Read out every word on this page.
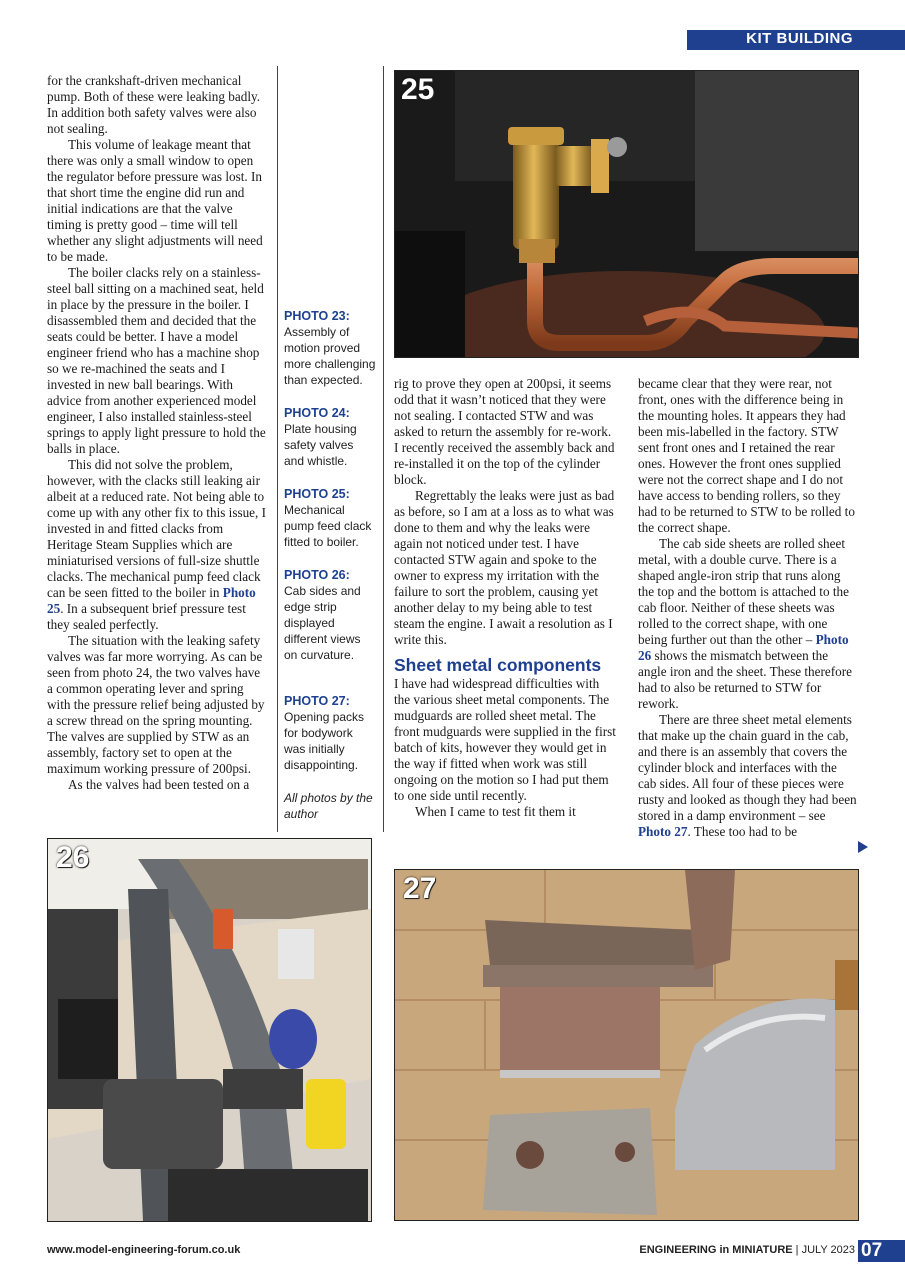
KIT BUILDING

for the crankshaft-driven mechanical pump. Both of these were leaking badly. In addition both safety valves were also not sealing.

This volume of leakage meant that there was only a small window to open the regulator before pressure was lost. In that short time the engine did run and initial indications are that the valve timing is pretty good – time will tell whether any slight adjustments will need to be made.

The boiler clacks rely on a stainless-steel ball sitting on a machined seat, held in place by the pressure in the boiler. I disassembled them and decided that the seats could be better. I have a model engineer friend who has a machine shop so we re-machined the seats and I invested in new ball bearings. With advice from another experienced model engineer, I also installed stainless-steel springs to apply light pressure to hold the balls in place.

This did not solve the problem, however, with the clacks still leaking air albeit at a reduced rate. Not being able to come up with any other fix to this issue, I invested in and fitted clacks from Heritage Steam Supplies which are miniaturised versions of full-size shuttle clacks. The mechanical pump feed clack can be seen fitted to the boiler in Photo 25. In a subsequent brief pressure test they sealed perfectly.

The situation with the leaking safety valves was far more worrying. As can be seen from photo 24, the two valves have a common operating lever and spring with the pressure relief being adjusted by a screw thread on the spring mounting. The valves are supplied by STW as an assembly, factory set to open at the maximum working pressure of 200psi.

As the valves had been tested on a

PHOTO 23:
Assembly of motion proved more challenging than expected.
PHOTO 24:
Plate housing safety valves and whistle.
PHOTO 25:
Mechanical pump feed clack fitted to boiler.
PHOTO 26:
Cab sides and edge strip displayed different views on curvature.
PHOTO 27:
Opening packs for bodywork was initially disappointing.
All photos by the author
25

rig to prove they open at 200psi, it seems odd that it wasn’t noticed that they were not sealing. I contacted STW and was asked to return the assembly for re-work. I recently received the assembly back and re-installed it on the top of the cylinder block.

Regrettably the leaks were just as bad as before, so I am at a loss as to what was done to them and why the leaks were again not noticed under test. I have contacted STW again and spoke to the owner to express my irritation with the failure to sort the problem, causing yet another delay to my being able to test steam the engine. I await a resolution as I write this.

Sheet metal components

I have had widespread difficulties with the various sheet metal components. The mudguards are rolled sheet metal. The front mudguards were supplied in the first batch of kits, however they would get in the way if fitted when work was still ongoing on the motion so I had put them to one side until recently.

When I came to test fit them it

became clear that they were rear, not front, ones with the difference being in the mounting holes. It appears they had been mis-labelled in the factory. STW sent front ones and I retained the rear ones. However the front ones supplied were not the correct shape and I do not have access to bending rollers, so they had to be returned to STW to be rolled to the correct shape.

The cab side sheets are rolled sheet metal, with a double curve. There is a shaped angle-iron strip that runs along the top and the bottom is attached to the cab floor. Neither of these sheets was rolled to the correct shape, with one being further out than the other – Photo 26 shows the mismatch between the angle iron and the sheet. These therefore had to also be returned to STW for rework.

There are three sheet metal elements that make up the chain guard in the cab, and there is an assembly that covers the cylinder block and interfaces with the cab sides. All four of these pieces were rusty and looked as though they had been stored in a damp environment – see Photo 27. These too had to be

26
27
www.model-engineering-forum.co.uk	ENGINEERING in MINIATURE | JULY 2023 07
